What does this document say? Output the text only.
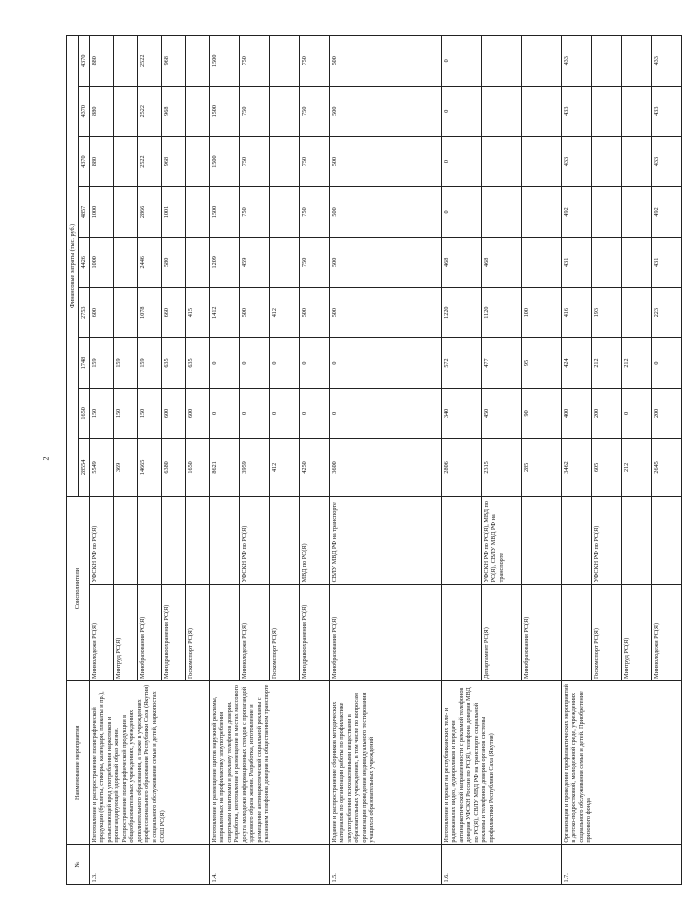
2
№	Наименование мероприятия	Соисполнители		Финансовые затраты (тыс. руб.)								
				28554	1650	1748	2753	4426	4857	4370	4370	4370
1.3.	Изготовление и распространение полиграфической продукции (буклеты, стикеры, календари, плакаты и пр.), разъясняющей вред употребления наркотиков и пропагандирующей здоровый образ жизни. Распространение полиграфической продукции в общеобразовательных учреждениях, учреждениях дополнительного образования, а также в учреждениях профессионального образования Республики Саха (Якутия) и социального обслуживания семьи и детей, наркопостах СОШ РС(Я)	Минмолодежи РС(Я)	УФСКН РФ по РС(Я)	5549	150	159	600	1000	1000	880	880	880
		Минтруд РС(Я)		369	150	159						
		Минобразования РС(Я)		14665	150	159	1078	2446	2866	2522	2522	2522
		Минздравоохранения РС(Я)		6380	600	635	660	580	1001	968	968	968
		Госкомспорт РС(Я)		1650	600	635	415					
1.4.	Изготовление и размещение щитов наружной рекламы, направленных на профилактику злоупотребления спиртными напитками и рекламу телефонов доверия. Разработка, изготовление и размещение в местах массового досуга молодежи информационных стендов с пропагандой здорового образа жизни. Разработка, изготовление и размещение антинаркотической социальной рекламы с указанием телефонов доверия на общественном транспорте			8621	0	0	1412	1209	1500	1500	1500	1500
		Минмолодежи РС(Я)	УФСКН РФ по РС(Я)	3959	0	0	500	459	750	750	750	750
		Госкомспорт РС(Я)		412	0	0	412					
		Минздравоохранения РС(Я)	МВД по РС(Я)	4250	0	0	500	750	750	750	750	750
1.5.	Издание и распространение сборников методических материалов по организации работы по профилактике злоупотребления психоактивными веществами в образовательных учреждениях, в том числе по вопросам организации проведения индивидуального тестирования учащихся образовательных учреждений	Минобразования РС(Я)	СВЛУ МВД РФ на транспорте	3600	0	0	500	500	500	500	500	500
1.6.	Изготовление и прокат на республиканских теле- и радиоканалах видео, аудиороликов и передачи антинаркотической направленности с рекламой телефонов доверия УФСКН России по РС(Я), телефона доверия МВД по РС(Я), СВЛУ МВД РФ на транспорте социальной рекламы и телефонов доверия органов системы профилактики Республики Саха (Якутия)			2806	340	572	1220	468	0	0	0	0
		Департамент РС(Я)	УФСКН РФ по РС(Я), МВД по РС(Я), СВЛУ МВД РФ на транспорте	2315	450	477	1120	468				
		Минобразования РС(Я)		285	90	95	100					
1.7.	Организация и проведение профилактических мероприятий в детско-подростковой, молодежной среде, учреждениях социального обслуживания семьи и детей. Приобретение призового фонда			3462	400	424	416	431	492	433	433	433
		Госкомспорт РС(Я)	УФСКН РФ по РС(Я)	605	200	212	193					
		Минтруд РС(Я)		212	0	212						
		Минмолодежи РС(Я)		2645	200	0	223	431	492	433	433	433
